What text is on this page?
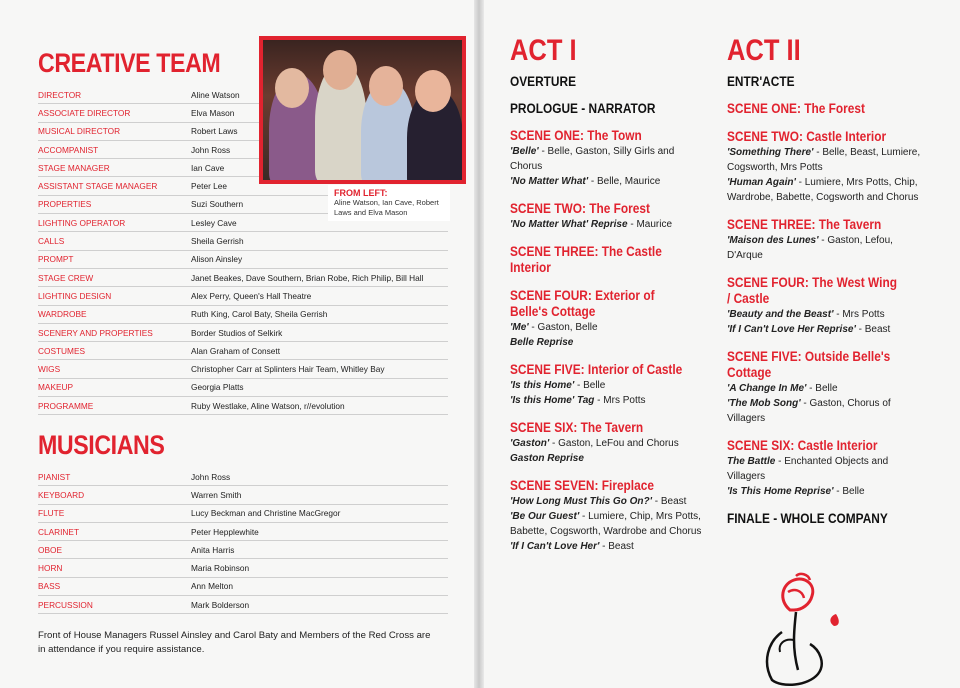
CREATIVE TEAM
DIRECTOR	Aline Watson
ASSOCIATE DIRECTOR	Elva Mason
MUSICAL DIRECTOR	Robert Laws
ACCOMPANIST	John Ross
STAGE MANAGER	Ian Cave
ASSISTANT STAGE MANAGER	Peter Lee
PROPERTIES	Suzi Southern
LIGHTING OPERATOR	Lesley Cave
CALLS	Sheila Gerrish
PROMPT	Alison Ainsley
STAGE CREW	Janet Beakes, Dave Southern, Brian Robe, Rich Philip, Bill Hall
LIGHTING DESIGN	Alex Perry, Queen's Hall Theatre
WARDROBE	Ruth King, Carol Baty, Sheila Gerrish
SCENERY AND PROPERTIES	Border Studios of Selkirk
COSTUMES	Alan Graham of Consett
WIGS	Christopher Carr at Splinters Hair Team, Whitley Bay
MAKEUP	Georgia Platts
PROGRAMME	Ruby Westlake, Aline Watson, r//evolution
FROM LEFT:
Aline Watson, Ian Cave, Robert Laws and Elva Mason
MUSICIANS
PIANIST	John Ross
KEYBOARD	Warren Smith
FLUTE	Lucy Beckman and Christine MacGregor
CLARINET	Peter Hepplewhite
OBOE	Anita Harris
HORN	Maria Robinson
BASS	Ann Melton
PERCUSSION	Mark Bolderson
Front of House Managers Russel Ainsley and Carol Baty and Members of the Red Cross are in attendance if you require assistance.
ACT I
OVERTURE
PROLOGUE - NARRATOR
SCENE ONE: The Town
'Belle' - Belle, Gaston, Silly Girls and Chorus
'No Matter What' - Belle, Maurice
SCENE TWO: The Forest
'No Matter What' Reprise - Maurice
SCENE THREE: The Castle Interior
SCENE FOUR: Exterior of Belle's Cottage
'Me' - Gaston, Belle
Belle Reprise
SCENE FIVE: Interior of Castle
'Is this Home' - Belle
'Is this Home' Tag - Mrs Potts
SCENE SIX: The Tavern
'Gaston' - Gaston, LeFou and Chorus
Gaston Reprise
SCENE SEVEN: Fireplace
'How Long Must This Go On?' - Beast
'Be Our Guest' - Lumiere, Chip, Mrs Potts, Babette, Cogsworth, Wardrobe and Chorus
'If I Can't Love Her' - Beast
ACT II
ENTR'ACTE
SCENE ONE: The Forest
SCENE TWO: Castle Interior
'Something There' - Belle, Beast, Lumiere, Cogsworth, Mrs Potts
'Human Again' - Lumiere, Mrs Potts, Chip, Wardrobe, Babette, Cogsworth and Chorus
SCENE THREE: The Tavern
'Maison des Lunes' - Gaston, Lefou, D'Arque
SCENE FOUR: The West Wing / Castle
'Beauty and the Beast' - Mrs Potts
'If I Can't Love Her Reprise' - Beast
SCENE FIVE: Outside Belle's Cottage
'A Change In Me' - Belle
'The Mob Song' - Gaston, Chorus of Villagers
SCENE SIX: Castle Interior
The Battle - Enchanted Objects and Villagers
'Is This Home Reprise' - Belle
FINALE - WHOLE COMPANY
